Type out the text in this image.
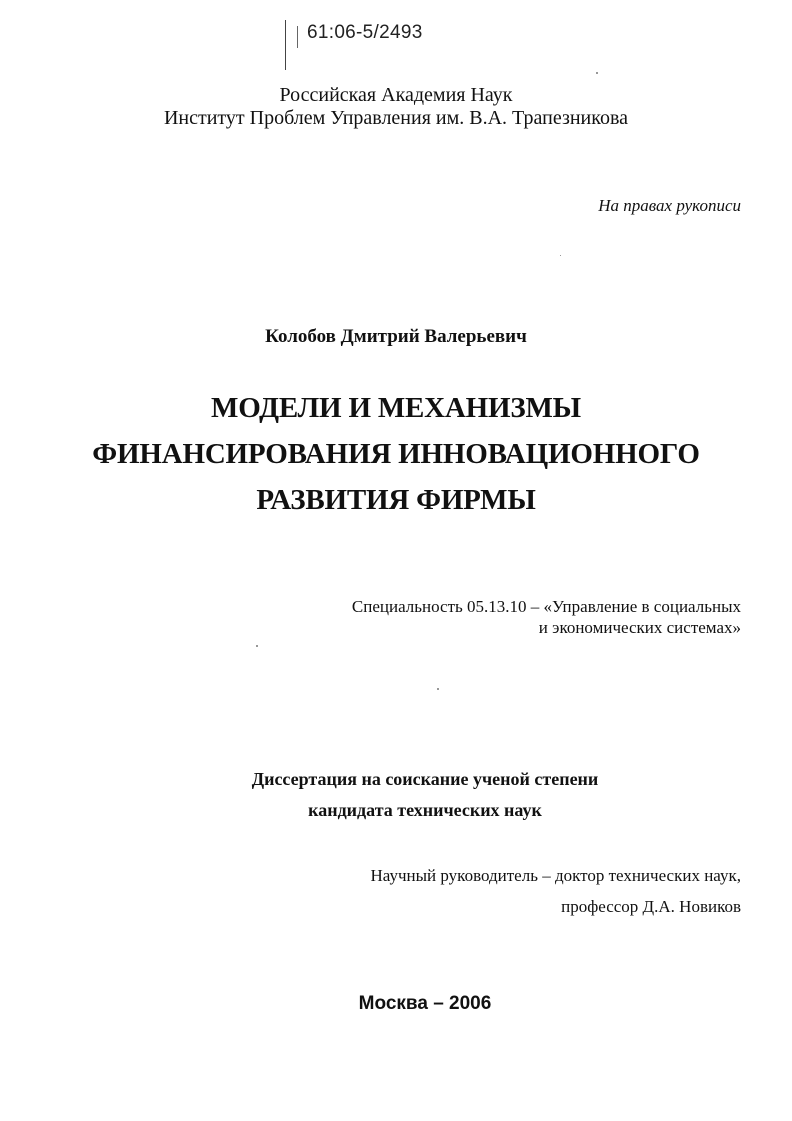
61:06-5/2493
Российская Академия Наук
Институт Проблем Управления им. В.А. Трапезникова
На правах рукописи
Колобов Дмитрий Валерьевич
МОДЕЛИ И МЕХАНИЗМЫ
ФИНАНСИРОВАНИЯ ИННОВАЦИОННОГО
РАЗВИТИЯ ФИРМЫ
Специальность 05.13.10 – «Управление в социальных
и экономических системах»
Диссертация на соискание ученой степени
кандидата технических наук
Научный руководитель – доктор технических наук,
профессор Д.А. Новиков
Москва – 2006
